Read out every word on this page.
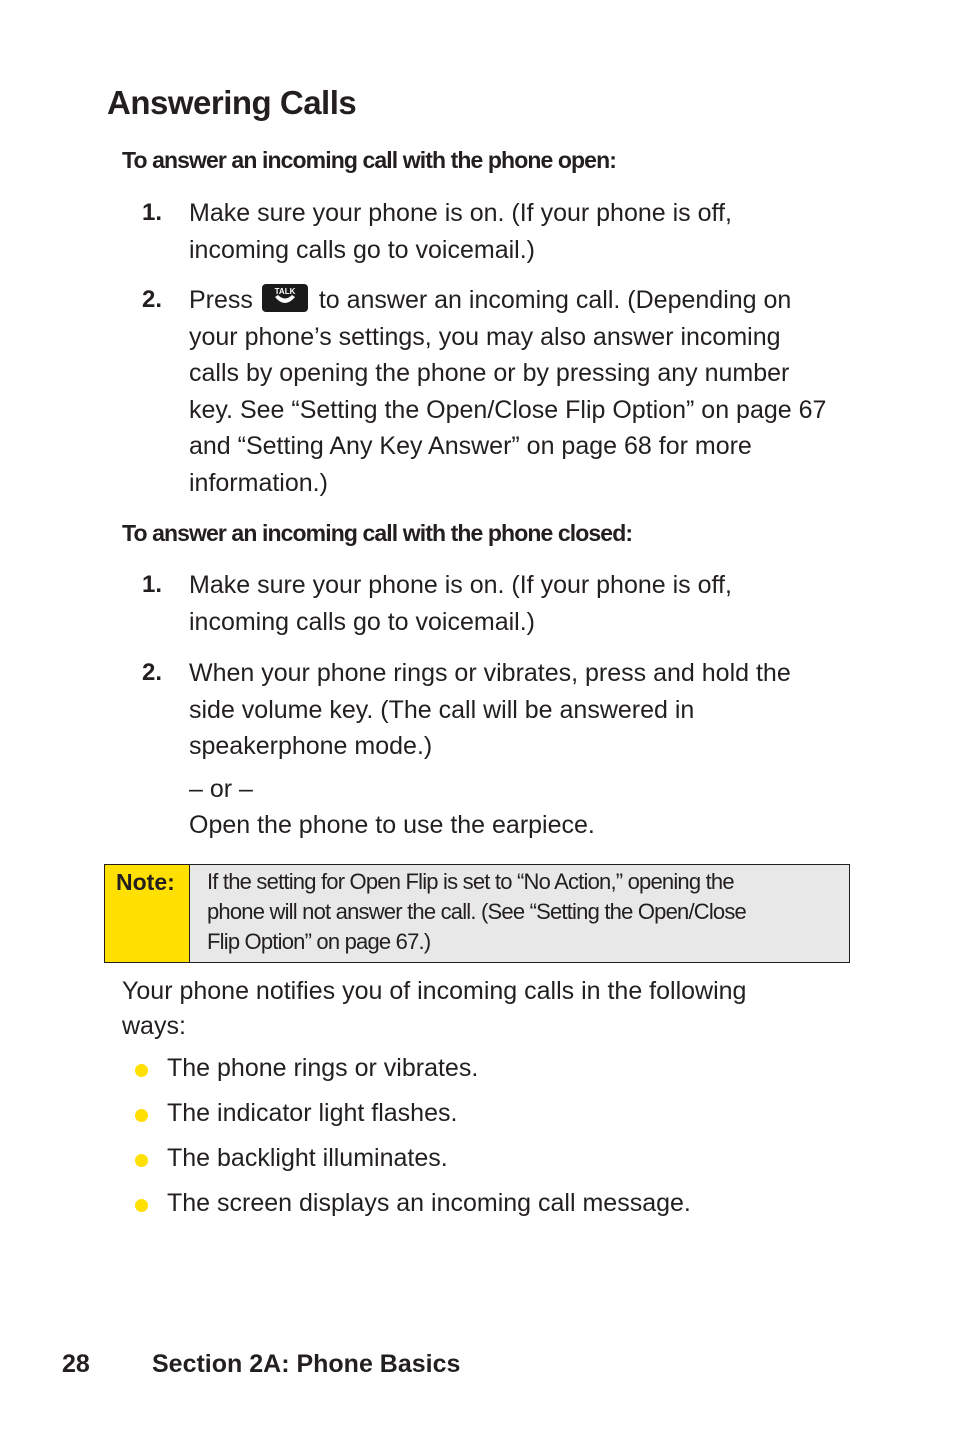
Answering Calls
To answer an incoming call with the phone open:
1. Make sure your phone is on. (If your phone is off,
incoming calls go to voicemail.)
2. Press	TALK to answer an incoming call. (Depending on
your phone’s settings, you may also answer incoming
calls by opening the phone or by pressing any number
key. See “Setting the Open/Close Flip Option” on page 67
and “Setting Any Key Answer” on page 68 for more
information.)
To answer an incoming call with the phone closed:
1. Make sure your phone is on. (If your phone is off,
incoming calls go to voicemail.)
2. When your phone rings or vibrates, press and hold the
side volume key. (The call will be answered in
speakerphone mode.)
– or –
Open the phone to use the earpiece.
Note:	If the setting for Open Flip is set to “No Action,” opening the
phone will not answer the call. (See “Setting the Open/Close
Flip Option” on page 67.)
Your phone notifies you of incoming calls in the following
ways:
The phone rings or vibrates.
The indicator light flashes.
The backlight illuminates.
The screen displays an incoming call message.
28 Section 2A: Phone Basics
